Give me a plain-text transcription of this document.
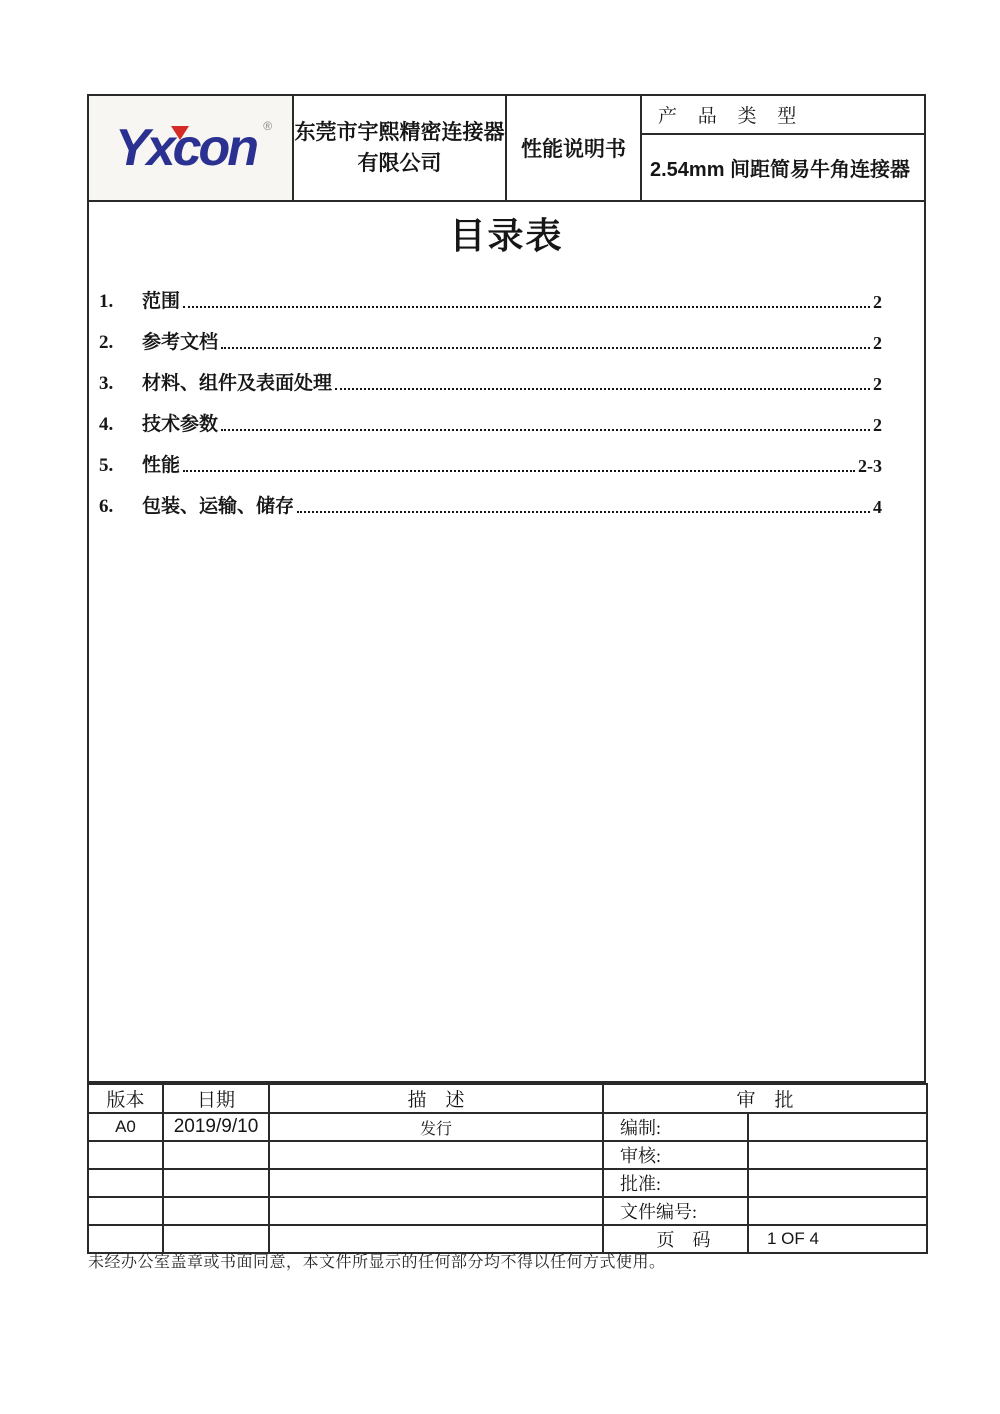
Yxcon ® 东莞市宇熙精密连接器
有限公司
性能说明书
产 品 类 型
2.54mm 间距简易牛角连接器
目录表
1.	范围	2
2.	参考文档	2
3.	材料、组件及表面处理	2
4.	技术参数	2
5.	性能	2-3
6.	包装、运输、储存	4
版本	日期	描　述	审　批	
A0	2019/9/10	发行	编制:	
			审核:	
			批准:	
			文件编号:	
			页　码	1 OF 4
未经办公室盖章或书面同意，本文件所显示的任何部分均不得以任何方式使用。
